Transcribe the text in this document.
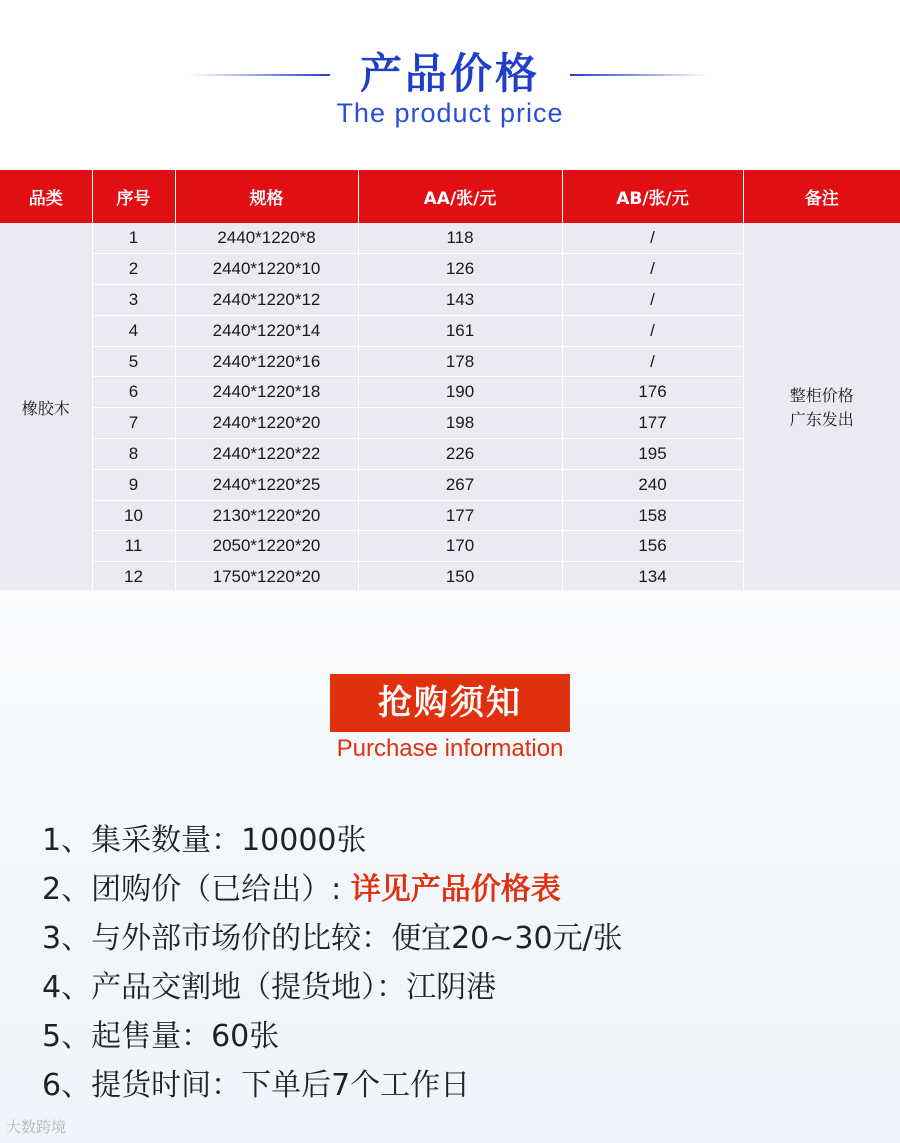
产品价格
The product price
品类	序号	规格	AA/张/元	AB/张/元	备注
橡胶木	1	2440*1220*8	118	/	整柜价格
广东发出

	2	2440*1220*10	126	/	
	3	2440*1220*12	143	/	
	4	2440*1220*14	161	/	
	5	2440*1220*16	178	/	
	6	2440*1220*18	190	176	
	7	2440*1220*20	198	177	
	8	2440*1220*22	226	195	
	9	2440*1220*25	267	240	
	10	2130*1220*20	177	158	
	11	2050*1220*20	170	156	
	12	1750*1220*20	150	134	
抢购须知
Purchase information
1、集采数量：10000张
2、团购价（已给出）: 详见产品价格表
3、与外部市场价的比较：便宜20~30元/张
4、产品交割地（提货地）：江阴港
5、起售量：60张
6、提货时间：下单后7个工作日
大数跨境
